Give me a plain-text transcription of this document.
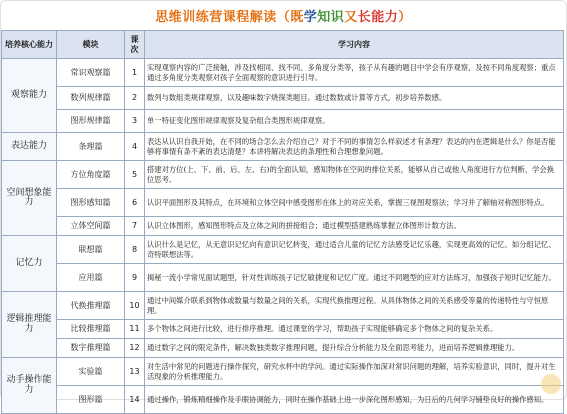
思维训练营课程解读（既 学 知识 又 长能力 ）
培养核心能力	模块	课次	学习内容
观察能力	常识观察篇	1	实现观察内容的广泛接触，涉及找相同、找不同、多角度分类等，孩子从有趣的题目中学会有序观察，及按不同角度观察；重点通过多角度分类观察对孩子全面观察的意识进行引导。
	数列规律篇	2	数列与数组类规律观察，以及趣味数字烧探类题目。通过数数或计算等方式，初步培养数感。
	图形规律篇	3	单一特征变化图形规律观察及复杂组合类图形规律观察。
表达能力	条理篇	4	表达从认识自我开始，在不同的场合怎么去介绍自己？对于不同的事情怎么样叙述才有条理？表达的内在逻辑是什么？你是否能够将事情有条不紊的表达清楚？本讲将解决表达的条理性和合理想象问题。
空间想象能力	方位角度篇	5	搭建对方位(上、下、前、后、左、右)的全面认知，感知物体在空间的排位关系，能够从自己或他人角度进行方位判断，学会换位思考。
	图形感知篇	6	认识平面图形及其特点，在环境和立体空间中感受图形在体上的对应关系，掌握三视图观察法；学习并了解轴对称图形特点。
	立体空间篇	7	认识立体图形，感知图形特点及立体之间的拼接组合；通过模型搭建熟练掌握立体图形计数方法。
记忆力	联想篇	8	认识什么是记忆，从无意识记忆向有意识记忆转变，通过适合儿童的记忆方法感受记忆乐趣，实现更高效的记忆。如分组记忆、奇特联想法等。
	应用篇	9	揭秘一流小学常见面试题型，针对性训练孩子记忆敏捷度和记忆广度。通过不同题型的应对方法练习，加强孩子短时记忆能力。
逻辑推理能力	代换推理篇	10	通过中间媒介联系到物体或数量与数量之间的关系，实现代换推理过程。从具体物体之间的关系感受等量的传递特性与守恒原理。
	比较推理篇	11	多个物体之间进行比较，进行排序推理。通过课堂的学习，帮助孩子实现能够确定多个物体之间的复杂关系。
	数字推理篇	12	通过数字之间的限定条件，解决数独类数字推理问题，提升综合分析能力及全面思考能力，进而培养逻辑推理能力。
动手操作能力	实验篇	13	对生活中常见的问题进行操作探究，研究水杯中的学问。通过实际操作加深对常识问题的理解，培养实验意识，同时，提升对生活现象的分析推理能力。
	图形篇	14	通过操作，锻炼精细操作及手眼协调能力，同时在操作基础上进一步深化图形感知，为日后的几何学习铺垫良好的操作感知。
